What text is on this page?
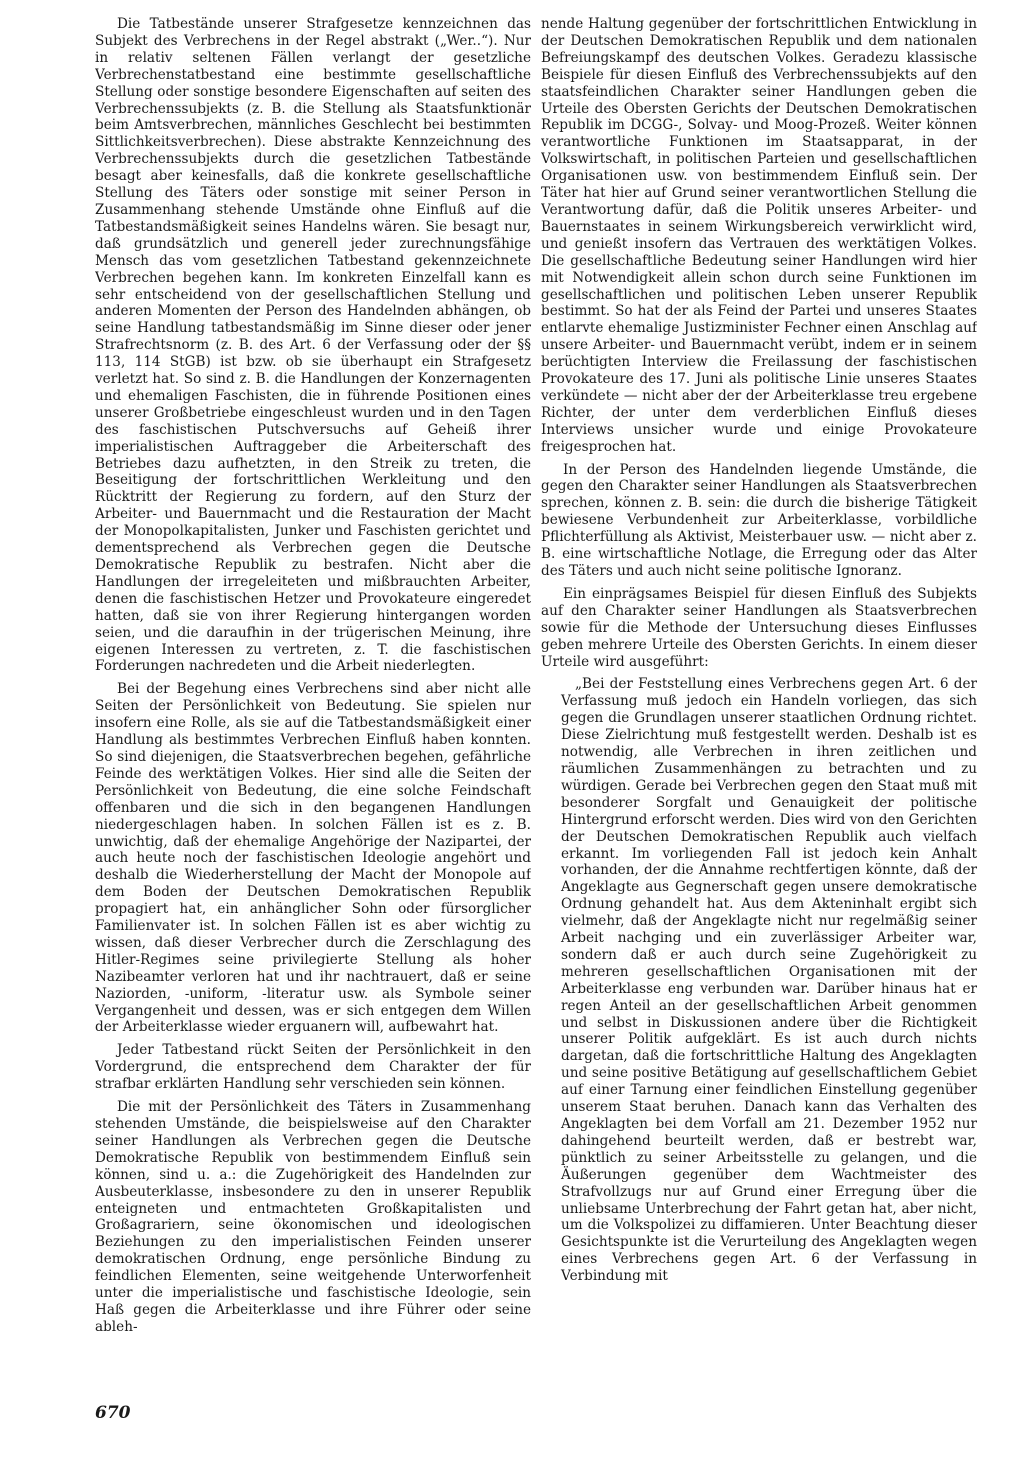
Die Tatbestände unserer Strafgesetze kennzeichnen das Subjekt des Verbrechens in der Regel abstrakt („Wer..“). Nur in relativ seltenen Fällen verlangt der gesetzliche Verbrechenstatbestand eine bestimmte gesellschaftliche Stellung oder sonstige besondere Eigenschaften auf seiten des Verbrechenssubjekts (z. B. die Stellung als Staatsfunktionär beim Amtsverbrechen, männliches Geschlecht bei bestimmten Sittlichkeitsverbrechen). Diese abstrakte Kennzeichnung des Verbrechenssubjekts durch die gesetzlichen Tatbestände besagt aber keinesfalls, daß die konkrete gesellschaftliche Stellung des Täters oder sonstige mit seiner Person in Zusammenhang stehende Umstände ohne Einfluß auf die Tatbestandsmäßigkeit seines Handelns wären. Sie besagt nur, daß grundsätzlich und generell jeder zurechnungsfähige Mensch das vom gesetzlichen Tatbestand gekennzeichnete Verbrechen begehen kann. Im konkreten Einzelfall kann es sehr entscheidend von der gesellschaftlichen Stellung und anderen Momenten der Person des Handelnden abhängen, ob seine Handlung tatbestandsmäßig im Sinne dieser oder jener Strafrechtsnorm (z. B. des Art. 6 der Verfassung oder der §§ 113, 114 StGB) ist bzw. ob sie überhaupt ein Strafgesetz verletzt hat. So sind z. B. die Handlungen der Konzernagenten und ehemaligen Faschisten, die in führende Positionen eines unserer Großbetriebe eingeschleust wurden und in den Tagen des faschistischen Putschversuchs auf Geheiß ihrer imperialistischen Auftraggeber die Arbeiterschaft des Betriebes dazu aufhetzten, in den Streik zu treten, die Beseitigung der fortschrittlichen Werkleitung und den Rücktritt der Regierung zu fordern, auf den Sturz der Arbeiter- und Bauernmacht und die Restauration der Macht der Monopolkapitalisten, Junker und Faschisten gerichtet und dementsprechend als Verbrechen gegen die Deutsche Demokratische Republik zu bestrafen. Nicht aber die Handlungen der irregeleiteten und mißbrauchten Arbeiter, denen die faschistischen Hetzer und Provokateure eingeredet hatten, daß sie von ihrer Regierung hintergangen worden seien, und die daraufhin in der trügerischen Meinung, ihre eigenen Interessen zu vertreten, z. T. die faschistischen Forderungen nachredeten und die Arbeit niederlegten.

Bei der Begehung eines Verbrechens sind aber nicht alle Seiten der Persönlichkeit von Bedeutung. Sie spielen nur insofern eine Rolle, als sie auf die Tatbestandsmäßigkeit einer Handlung als bestimmtes Verbrechen Einfluß haben konnten. So sind diejenigen, die Staatsverbrechen begehen, gefährliche Feinde des werktätigen Volkes. Hier sind alle die Seiten der Persönlichkeit von Bedeutung, die eine solche Feindschaft offenbaren und die sich in den begangenen Handlungen niedergeschlagen haben. In solchen Fällen ist es z. B. unwichtig, daß der ehemalige Angehörige der Nazipartei, der auch heute noch der faschistischen Ideologie angehört und deshalb die Wiederherstellung der Macht der Monopole auf dem Boden der Deutschen Demokratischen Republik propagiert hat, ein anhänglicher Sohn oder fürsorglicher Familienvater ist. In solchen Fällen ist es aber wichtig zu wissen, daß dieser Verbrecher durch die Zerschlagung des Hitler-Regimes seine privilegierte Stellung als hoher Nazibeamter verloren hat und ihr nachtrauert, daß er seine Naziorden, -uniform, -literatur usw. als Symbole seiner Vergangenheit und dessen, was er sich entgegen dem Willen der Arbeiterklasse wieder erguanern will, aufbewahrt hat.

Jeder Tatbestand rückt Seiten der Persönlichkeit in den Vordergrund, die entsprechend dem Charakter der für strafbar erklärten Handlung sehr verschieden sein können.

Die mit der Persönlichkeit des Täters in Zusammenhang stehenden Umstände, die beispielsweise auf den Charakter seiner Handlungen als Verbrechen gegen die Deutsche Demokratische Republik von bestimmendem Einfluß sein können, sind u. a.: die Zugehörigkeit des Handelnden zur Ausbeuterklasse, insbesondere zu den in unserer Republik enteigneten und entmachteten Großkapitalisten und Großagrariern, seine ökonomischen und ideologischen Beziehungen zu den imperialistischen Feinden unserer demokratischen Ordnung, enge persönliche Bindung zu feindlichen Elementen, seine weitgehende Unterworfenheit unter die imperialistische und faschistische Ideologie, sein Haß gegen die Arbeiterklasse und ihre Führer oder seine ableh-

nende Haltung gegenüber der fortschrittlichen Entwicklung in der Deutschen Demokratischen Republik und dem nationalen Befreiungskampf des deutschen Volkes. Geradezu klassische Beispiele für diesen Einfluß des Verbrechenssubjekts auf den staatsfeindlichen Charakter seiner Handlungen geben die Urteile des Obersten Gerichts der Deutschen Demokratischen Republik im DCGG-, Solvay- und Moog-Prozeß. Weiter können verantwortliche Funktionen im Staatsapparat, in der Volkswirtschaft, in politischen Parteien und gesellschaftlichen Organisationen usw. von bestimmendem Einfluß sein. Der Täter hat hier auf Grund seiner verantwortlichen Stellung die Verantwortung dafür, daß die Politik unseres Arbeiter- und Bauernstaates in seinem Wirkungsbereich verwirklicht wird, und genießt insofern das Vertrauen des werktätigen Volkes. Die gesellschaftliche Bedeutung seiner Handlungen wird hier mit Notwendigkeit allein schon durch seine Funktionen im gesellschaftlichen und politischen Leben unserer Republik bestimmt. So hat der als Feind der Partei und unseres Staates entlarvte ehemalige Justizminister Fechner einen Anschlag auf unsere Arbeiter- und Bauernmacht verübt, indem er in seinem berüchtigten Interview die Freilassung der faschistischen Provokateure des 17. Juni als politische Linie unseres Staates verkündete — nicht aber der der Arbeiterklasse treu ergebene Richter, der unter dem verderblichen Einfluß dieses Interviews unsicher wurde und einige Provokateure freigesprochen hat.

In der Person des Handelnden liegende Umstände, die gegen den Charakter seiner Handlungen als Staatsverbrechen sprechen, können z. B. sein: die durch die bisherige Tätigkeit bewiesene Verbundenheit zur Arbeiterklasse, vorbildliche Pflichterfüllung als Aktivist, Meisterbauer usw. — nicht aber z. B. eine wirtschaftliche Notlage, die Erregung oder das Alter des Täters und auch nicht seine politische Ignoranz.

Ein einprägsames Beispiel für diesen Einfluß des Subjekts auf den Charakter seiner Handlungen als Staatsverbrechen sowie für die Methode der Untersuchung dieses Einflusses geben mehrere Urteile des Obersten Gerichts. In einem dieser Urteile wird ausgeführt:

„Bei der Feststellung eines Verbrechens gegen Art. 6 der Verfassung muß jedoch ein Handeln vorliegen, das sich gegen die Grundlagen unserer staatlichen Ordnung richtet. Diese Zielrichtung muß festgestellt werden. Deshalb ist es notwendig, alle Verbrechen in ihren zeitlichen und räumlichen Zusammenhängen zu betrachten und zu würdigen. Gerade bei Verbrechen gegen den Staat muß mit besonderer Sorgfalt und Genauigkeit der politische Hintergrund erforscht werden. Dies wird von den Gerichten der Deutschen Demokratischen Republik auch vielfach erkannt. Im vorliegenden Fall ist jedoch kein Anhalt vorhanden, der die Annahme rechtfertigen könnte, daß der Angeklagte aus Gegnerschaft gegen unsere demokratische Ordnung gehandelt hat. Aus dem Akteninhalt ergibt sich vielmehr, daß der Angeklagte nicht nur regelmäßig seiner Arbeit nachging und ein zuverlässiger Arbeiter war, sondern daß er auch durch seine Zugehörigkeit zu mehreren gesellschaftlichen Organisationen mit der Arbeiterklasse eng verbunden war. Darüber hinaus hat er regen Anteil an der gesellschaftlichen Arbeit genommen und selbst in Diskussionen andere über die Richtigkeit unserer Politik aufgeklärt. Es ist auch durch nichts dargetan, daß die fortschrittliche Haltung des Angeklagten und seine positive Betätigung auf gesellschaftlichem Gebiet auf einer Tarnung einer feindlichen Einstellung gegenüber unserem Staat beruhen. Danach kann das Verhalten des Angeklagten bei dem Vorfall am 21. Dezember 1952 nur dahingehend beurteilt werden, daß er bestrebt war, pünktlich zu seiner Arbeitsstelle zu gelangen, und die Äußerungen gegenüber dem Wachtmeister des Strafvollzugs nur auf Grund einer Erregung über die unliebsame Unterbrechung der Fahrt getan hat, aber nicht, um die Volkspolizei zu diffamieren. Unter Beachtung dieser Gesichtspunkte ist die Verurteilung des Angeklagten wegen eines Verbrechens gegen Art. 6 der Verfassung in Verbindung mit

670
